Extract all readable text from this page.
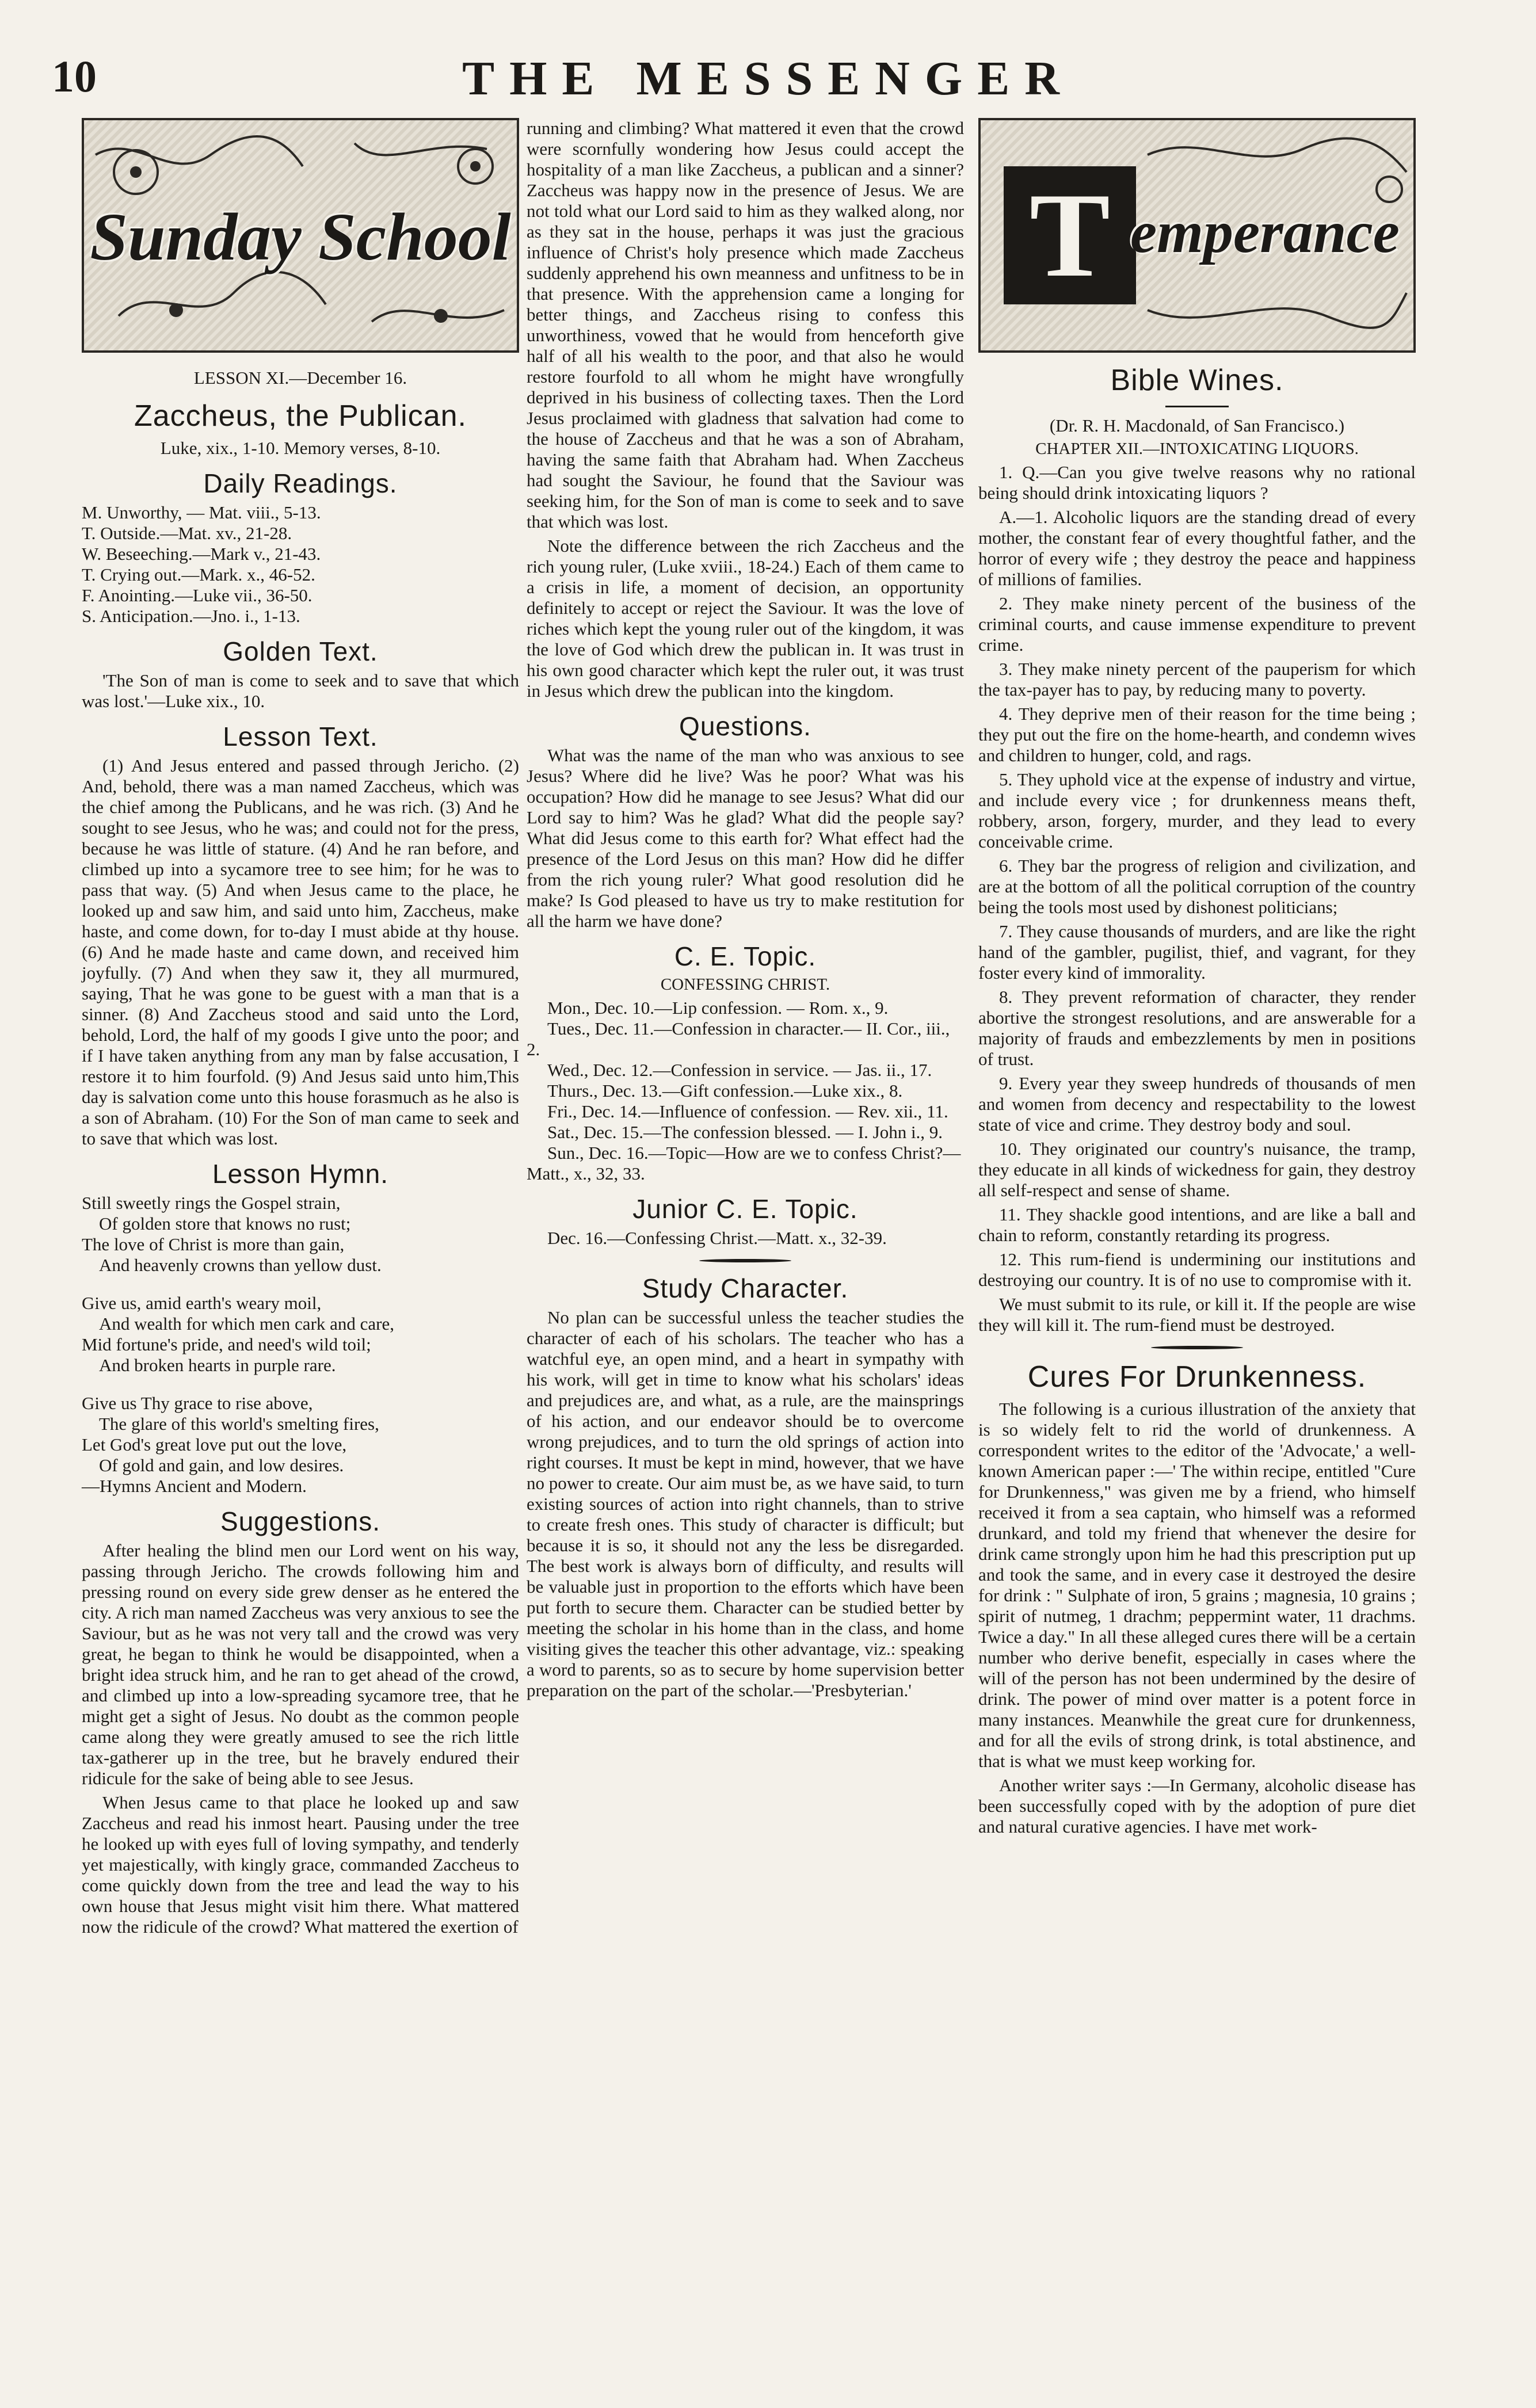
10	THE MESSENGER
Sunday School
LESSON XI.—December 16.
Zaccheus, the Publican.
Luke, xix., 1-10. Memory verses, 8-10.
Daily Readings.
M. Unworthy, — Mat. viii., 5-13.
T. Outside.—Mat. xv., 21-28.
W. Beseeching.—Mark v., 21-43.
T. Crying out.—Mark. x., 46-52.
F. Anointing.—Luke vii., 36-50.
S. Anticipation.—Jno. i., 1-13.
Golden Text.

'The Son of man is come to seek and to save that which was lost.'—Luke xix., 10.

Lesson Text.

(1) And Jesus entered and passed through Jericho. (2) And, behold, there was a man named Zaccheus, which was the chief among the Publicans, and he was rich. (3) And he sought to see Jesus, who he was; and could not for the press, because he was little of stature. (4) And he ran before, and climbed up into a sycamore tree to see him; for he was to pass that way. (5) And when Jesus came to the place, he looked up and saw him, and said unto him, Zaccheus, make haste, and come down, for to-day I must abide at thy house. (6) And he made haste and came down, and received him joyfully. (7) And when they saw it, they all murmured, saying, That he was gone to be guest with a man that is a sinner. (8) And Zaccheus stood and said unto the Lord, behold, Lord, the half of my goods I give unto the poor; and if I have taken anything from any man by false accusation, I restore it to him fourfold. (9) And Jesus said unto him,This day is salvation come unto this house forasmuch as he also is a son of Abraham. (10) For the Son of man came to seek and to save that which was lost.

Lesson Hymn.
Still sweetly rings the Gospel strain,
Of golden store that knows no rust;
The love of Christ is more than gain,
And heavenly crowns than yellow dust.
Give us, amid earth's weary moil,
And wealth for which men cark and care,
Mid fortune's pride, and need's wild toil;
And broken hearts in purple rare.
Give us Thy grace to rise above,
The glare of this world's smelting fires,
Let God's great love put out the love,
Of gold and gain, and low desires.
—Hymns Ancient and Modern.
Suggestions.

After healing the blind men our Lord went on his way, passing through Jericho. The crowds following him and pressing round on every side grew denser as he entered the city. A rich man named Zaccheus was very anxious to see the Saviour, but as he was not very tall and the crowd was very great, he began to think he would be disappointed, when a bright idea struck him, and he ran to get ahead of the crowd, and climbed up into a low-spreading sycamore tree, that he might get a sight of Jesus. No doubt as the common people came along they were greatly amused to see the rich little tax-gatherer up in the tree, but he bravely endured their ridicule for the sake of being able to see Jesus.

When Jesus came to that place he looked up and saw Zaccheus and read his inmost heart. Pausing under the tree he looked up with eyes full of loving sympathy, and tenderly yet majestically, with kingly grace, commanded Zaccheus to come quickly down from the tree and lead the way to his own house that Jesus might visit him there. What mattered now the ridicule of the crowd? What mattered the exertion of

running and climbing? What mattered it even that the crowd were scornfully wondering how Jesus could accept the hospitality of a man like Zaccheus, a publican and a sinner? Zaccheus was happy now in the presence of Jesus. We are not told what our Lord said to him as they walked along, nor as they sat in the house, perhaps it was just the gracious influence of Christ's holy presence which made Zaccheus suddenly apprehend his own meanness and unfitness to be in that presence. With the apprehension came a longing for better things, and Zaccheus rising to confess this unworthiness, vowed that he would from henceforth give half of all his wealth to the poor, and that also he would restore fourfold to all whom he might have wrongfully deprived in his business of collecting taxes. Then the Lord Jesus proclaimed with gladness that salvation had come to the house of Zaccheus and that he was a son of Abraham, having the same faith that Abraham had. When Zaccheus had sought the Saviour, he found that the Saviour was seeking him, for the Son of man is come to seek and to save that which was lost.

Note the difference between the rich Zaccheus and the rich young ruler, (Luke xviii., 18-24.) Each of them came to a crisis in life, a moment of decision, an opportunity definitely to accept or reject the Saviour. It was the love of riches which kept the young ruler out of the kingdom, it was the love of God which drew the publican in. It was trust in his own good character which kept the ruler out, it was trust in Jesus which drew the publican into the kingdom.

Questions.

What was the name of the man who was anxious to see Jesus? Where did he live? Was he poor? What was his occupation? How did he manage to see Jesus? What did our Lord say to him? Was he glad? What did the people say? What did Jesus come to this earth for? What effect had the presence of the Lord Jesus on this man? How did he differ from the rich young ruler? What good resolution did he make? Is God pleased to have us try to make restitution for all the harm we have done?

C. E. Topic.
CONFESSING CHRIST.
Mon., Dec. 10.—Lip confession. — Rom. x., 9.
Tues., Dec. 11.—Confession in character.— II. Cor., iii., 2.
Wed., Dec. 12.—Confession in service. — Jas. ii., 17.
Thurs., Dec. 13.—Gift confession.—Luke xix., 8.
Fri., Dec. 14.—Influence of confession. — Rev. xii., 11.
Sat., Dec. 15.—The confession blessed. — I. John i., 9.
Sun., Dec. 16.—Topic—How are we to confess Christ?—Matt., x., 32, 33.
Junior C. E. Topic.

Dec. 16.—Confessing Christ.—Matt. x., 32-39.

Study Character.

No plan can be successful unless the teacher studies the character of each of his scholars. The teacher who has a watchful eye, an open mind, and a heart in sympathy with his work, will get in time to know what his scholars' ideas and prejudices are, and what, as a rule, are the mainsprings of his action, and our endeavor should be to overcome wrong prejudices, and to turn the old springs of action into right courses. It must be kept in mind, however, that we have no power to create. Our aim must be, as we have said, to turn existing sources of action into right channels, than to strive to create fresh ones. This study of character is difficult; but because it is so, it should not any the less be disregarded. The best work is always born of difficulty, and results will be valuable just in proportion to the efforts which have been put forth to secure them. Character can be studied better by meeting the scholar in his home than in the class, and home visiting gives the teacher this other advantage, viz.: speaking a word to parents, so as to secure by home supervision better preparation on the part of the scholar.—'Presbyterian.'

T emperance
Bible Wines.
(Dr. R. H. Macdonald, of San Francisco.)
CHAPTER XII.—INTOXICATING LIQUORS.

1. Q.—Can you give twelve reasons why no rational being should drink intoxicating liquors ?

A.—1. Alcoholic liquors are the standing dread of every mother, the constant fear of every thoughtful father, and the horror of every wife ; they destroy the peace and happiness of millions of families.

2. They make ninety percent of the business of the criminal courts, and cause immense expenditure to prevent crime.

3. They make ninety percent of the pauperism for which the tax-payer has to pay, by reducing many to poverty.

4. They deprive men of their reason for the time being ; they put out the fire on the home-hearth, and condemn wives and children to hunger, cold, and rags.

5. They uphold vice at the expense of industry and virtue, and include every vice ; for drunkenness means theft, robbery, arson, forgery, murder, and they lead to every conceivable crime.

6. They bar the progress of religion and civilization, and are at the bottom of all the political corruption of the country being the tools most used by dishonest politicians;

7. They cause thousands of murders, and are like the right hand of the gambler, pugilist, thief, and vagrant, for they foster every kind of immorality.

8. They prevent reformation of character, they render abortive the strongest resolutions, and are answerable for a majority of frauds and embezzlements by men in positions of trust.

9. Every year they sweep hundreds of thousands of men and women from decency and respectability to the lowest state of vice and crime. They destroy body and soul.

10. They originated our country's nuisance, the tramp, they educate in all kinds of wickedness for gain, they destroy all self-respect and sense of shame.

11. They shackle good intentions, and are like a ball and chain to reform, constantly retarding its progress.

12. This rum-fiend is undermining our institutions and destroying our country. It is of no use to compromise with it.

We must submit to its rule, or kill it. If the people are wise they will kill it. The rum-fiend must be destroyed.

Cures For Drunkenness.

The following is a curious illustration of the anxiety that is so widely felt to rid the world of drunkenness. A correspondent writes to the editor of the 'Advocate,' a well-known American paper :—' The within recipe, entitled "Cure for Drunkenness," was given me by a friend, who himself received it from a sea captain, who himself was a reformed drunkard, and told my friend that whenever the desire for drink came strongly upon him he had this prescription put up and took the same, and in every case it destroyed the desire for drink : " Sulphate of iron, 5 grains ; magnesia, 10 grains ; spirit of nutmeg, 1 drachm; peppermint water, 11 drachms. Twice a day." In all these alleged cures there will be a certain number who derive benefit, especially in cases where the will of the person has not been undermined by the desire of drink. The power of mind over matter is a potent force in many instances. Meanwhile the great cure for drunkenness, and for all the evils of strong drink, is total abstinence, and that is what we must keep working for.

Another writer says :—In Germany, alcoholic disease has been successfully coped with by the adoption of pure diet and natural curative agencies. I have met work-
